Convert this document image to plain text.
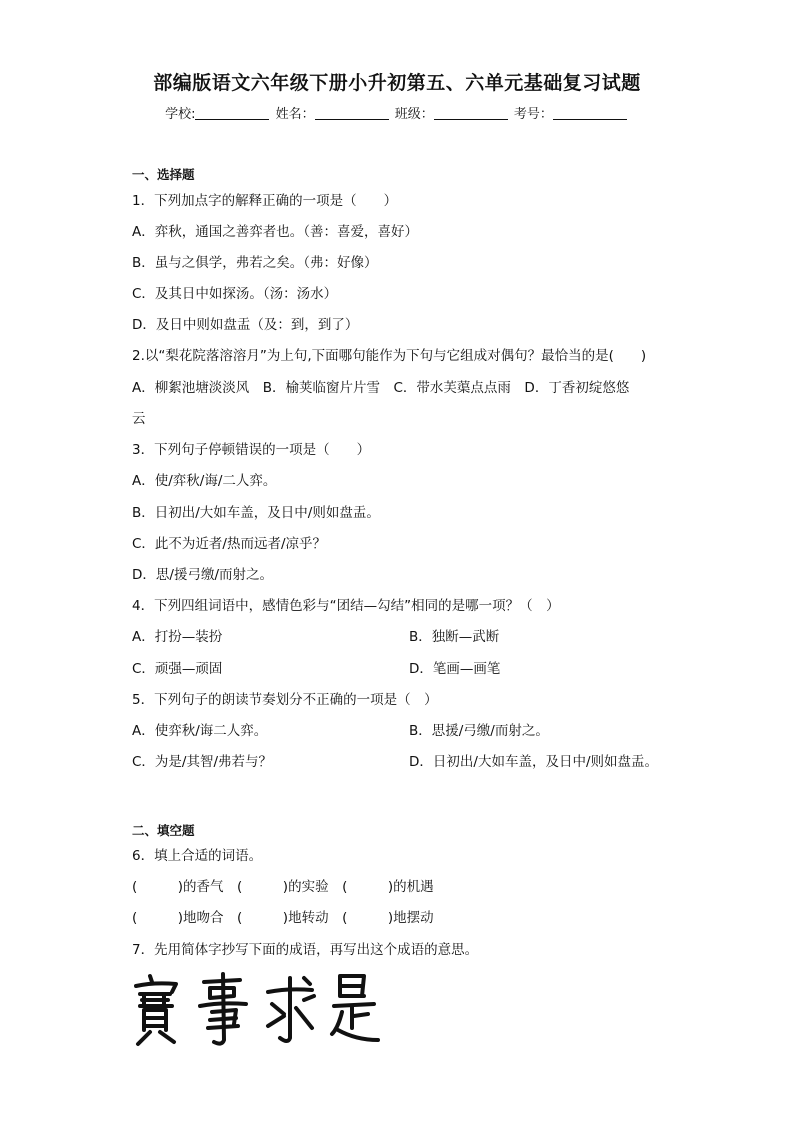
部编版语文六年级下册小升初第五、六单元基础复习试题
学校:	姓名：	班级：	考号：
一、选择题
1．下列加点字的解释正确的一项是（　　）
A．弈秋，通国之善弈者也。（善：喜爱，喜好）
B．虽与之俱学，弗若之矣。（弗：好像）
C．及其日中如探汤。（汤：汤水）
D．及日中则如盘盂（及：到，到了）
2.以“梨花院落溶溶月”为上句,下面哪句能作为下句与它组成对偶句？最恰当的是(　　)
A．柳絮池塘淡淡风　B．榆荚临窗片片雪　C．带水芙蕖点点雨　D．丁香初绽悠悠
云
3．下列句子停顿错误的一项是（　　）
A．使/弈秋/诲/二人弈。
B．日初出/大如车盖，及日中/则如盘盂。
C．此不为近者/热而远者/凉乎？
D．思/援弓缴/而射之。
4．下列四组词语中，感情色彩与“团结—勾结”相同的是哪一项？（　）
A．打扮—装扮	B．独断—武断
C．顽强—顽固	D．笔画—画笔
5．下列句子的朗读节奏划分不正确的一项是（　）
A．使弈秋/诲二人弈。	B．思援/弓缴/而射之。
C．为是/其智/弗若与？	D．日初出/大如车盖，及日中/则如盘盂。
二、填空题
6．填上合适的词语。
(　　　)的香气　(　　　)的实验　(　　　)的机遇
(　　　)地吻合　(　　　)地转动　(　　　)地摆动
7．先用简体字抄写下面的成语，再写出这个成语的意思。
